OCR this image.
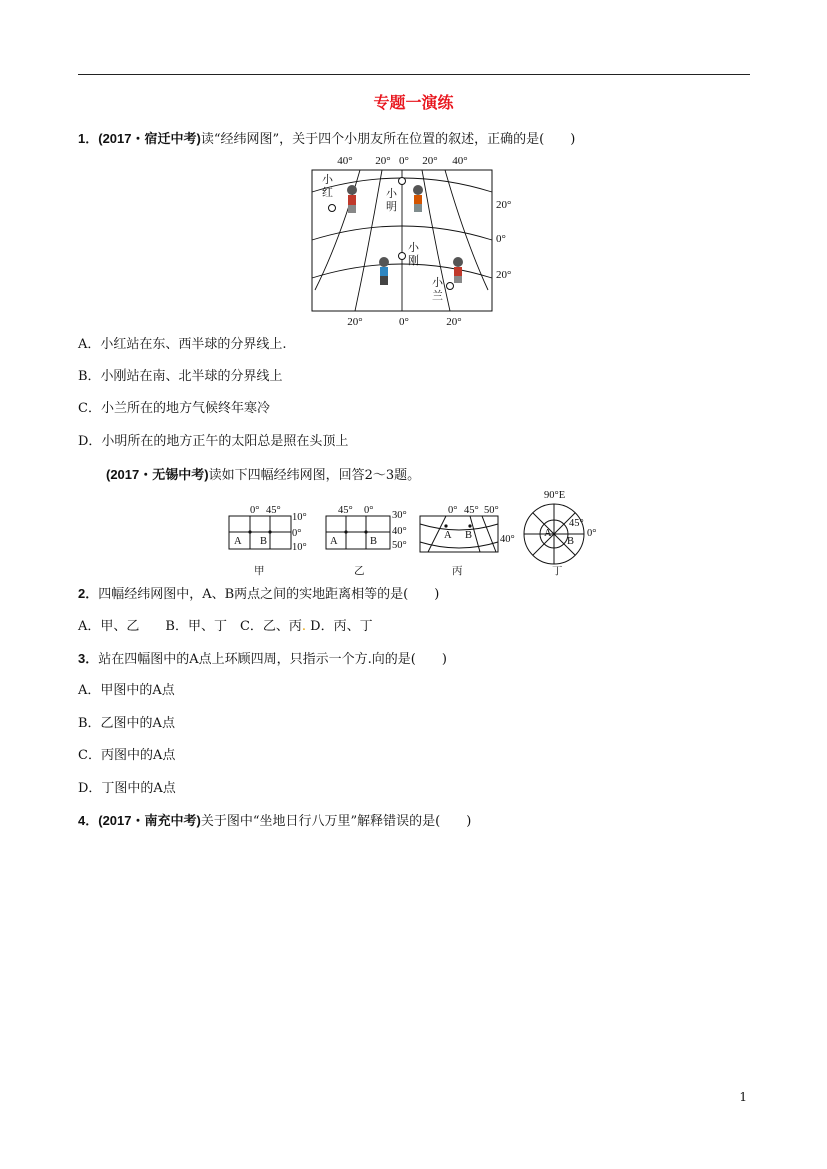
专题一演练
1．(2017・宿迁中考)读“经纬网图”，关于四个小朋友所在位置的叙述，正确的是(　　)
40° 20° 0° 20° 40°
20°	0°	20°
20°
0°
20°
小
红	小
明
小
刚
小
兰
A．小红站在东、西半球的分界线上.
B．小刚站在南、北半球的分界线上
C．小兰所在的地方气候终年寒冷
D．小明所在的地方正午的太阳总是照在头顶上
(2017・无锡中考)读如下四幅经纬网图，回答2～3题。
0° 45°
10°
0°
10°
A B
甲
45° 0° 30°
40°
50°
A	B
乙
0° 45° 50°
40°
A B
丙
90°E
45°
0°
A
B
丁
2．四幅经纬网图中，A、B两点之间的实地距离相等的是(　　)
A．甲、乙　　B．甲、丁　C．乙、丙. D．丙、丁
3．站在四幅图中的A点上环顾四周，只指示一个方.向的是(　　)
A．甲图中的A点
B．乙图中的A点
C．丙图中的A点
D．丁图中的A点
4．(2017・南充中考)关于图中“坐地日行八万里”解释错误的是(　　)
1
